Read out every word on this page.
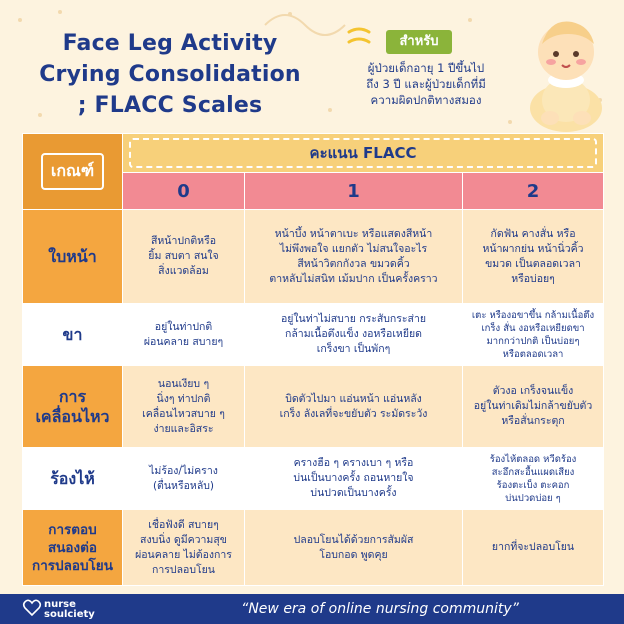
Face Leg Activity
Crying Consolidation
; FLACC Scales
สำหรับ
ผู้ป่วยเด็กอายุ 1 ปีขึ้นไป
ถึง 3 ปี และผู้ป่วยเด็กที่มี
ความผิดปกติทางสมอง
เกณฑ์	คะแนน FLACC		

	0	1	2

ใบหน้า	สีหน้าปกติหรือ
ยิ้ม สบตา สนใจ
สิ่งแวดล้อม	หน้าบึ้ง หน้าตาเบะ หรือแสดงสีหน้า
ไม่พึงพอใจ แยกตัว ไม่สนใจอะไร
สีหน้าวิตกกังวล ขมวดคิ้ว
ตาหลับไม่สนิท เม้มปาก เป็นครั้งคราว	กัดฟัน คางสั่น หรือ
หน้าผากย่น หน้านิ่วคิ้ว
ขมวด เป็นตลอดเวลา
หรือบ่อยๆ

ขา	อยู่ในท่าปกติ
ผ่อนคลาย สบายๆ	อยู่ในท่าไม่สบาย กระสับกระส่าย
กล้ามเนื้อตึงแข็ง งอหรือเหยียด
เกร็งขา เป็นพักๆ	เตะ หรืองอขาขึ้น กล้ามเนื้อตึง
เกร็ง สั่น งอหรือเหยียดขา
มากกว่าปกติ เป็นบ่อยๆ
หรือตลอดเวลา

การ
เคลื่อนไหว	นอนเงียบ ๆ
นิ่งๆ ท่าปกติ
เคลื่อนไหวสบาย ๆ
ง่ายและอิสระ	บิดตัวไปมา แอ่นหน้า แอ่นหลัง
เกร็ง ลังเลที่จะขยับตัว ระมัดระวัง	ตัวงอ เกร็งจนแข็ง
อยู่ในท่าเดิมไม่กล้าขยับตัว
หรือสั่นกระตุก

ร้องไห้	ไม่ร้อง/ไม่คราง
(ตื่นหรือหลับ)	ครางฮือ ๆ ครางเบา ๆ หรือ
บ่นเป็นบางครั้ง ถอนหายใจ
บ่นปวดเป็นบางครั้ง	ร้องไห้ตลอด หวีดร้อง
สะอึกสะอื้นแผดเสียง
ร้องตะเบ็ง ตะคอก
บ่นปวดบ่อย ๆ

การตอบ
สนองต่อ
การปลอบโยน	เชื่อฟังดี สบายๆ
สงบนิ่ง ดูมีความสุข
ผ่อนคลาย ไม่ต้องการ
การปลอบโยน	ปลอบโยนได้ด้วยการสัมผัส
โอบกอด พูดคุย	ยากที่จะปลอบโยน
nurse
soulciety	“New era of online nursing community”
